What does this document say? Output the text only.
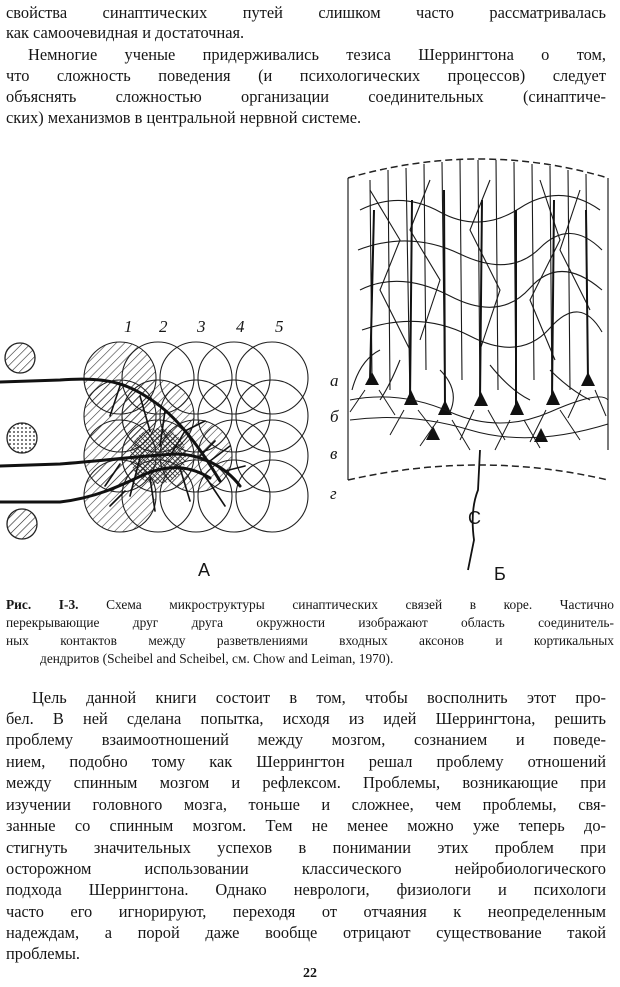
свойства синаптических путей слишком часто рассматривалась
как самоочевидная и достаточная.
Немногие ученые придерживались тезиса Шеррингтона о том,
что сложность поведения (и психологических процессов) следует
объяснять сложностью организации соединительных (синаптиче-
ских) механизмов в центральной нервной системе.
1 2 3 4 5
а
б
в
г
А
С
Б
Рис. I-3. Схема микроструктуры синаптических связей в коре. Частично
перекрывающие друг друга окружности изображают область соединитель-
ных контактов между разветвлениями входных аксонов и кортикальных
дендритов (Scheibel and Scheibel, см. Chow and Leiman, 1970).
Цель данной книги состоит в том, чтобы восполнить этот про-
бел. В ней сделана попытка, исходя из идей Шеррингтона, решить
проблему взаимоотношений между мозгом, сознанием и поведе-
нием, подобно тому как Шеррингтон решал проблему отношений
между спинным мозгом и рефлексом. Проблемы, возникающие при
изучении головного мозга, тоньше и сложнее, чем проблемы, свя-
занные со спинным мозгом. Тем не менее можно уже теперь до-
стигнуть значительных успехов в понимании этих проблем при
осторожном использовании классического нейробиологического
подхода Шеррингтона. Однако неврологи, физиологи и психологи
часто его игнорируют, переходя от отчаяния к неопределенным
надеждам, а порой даже вообще отрицают существование такой
проблемы.
22
